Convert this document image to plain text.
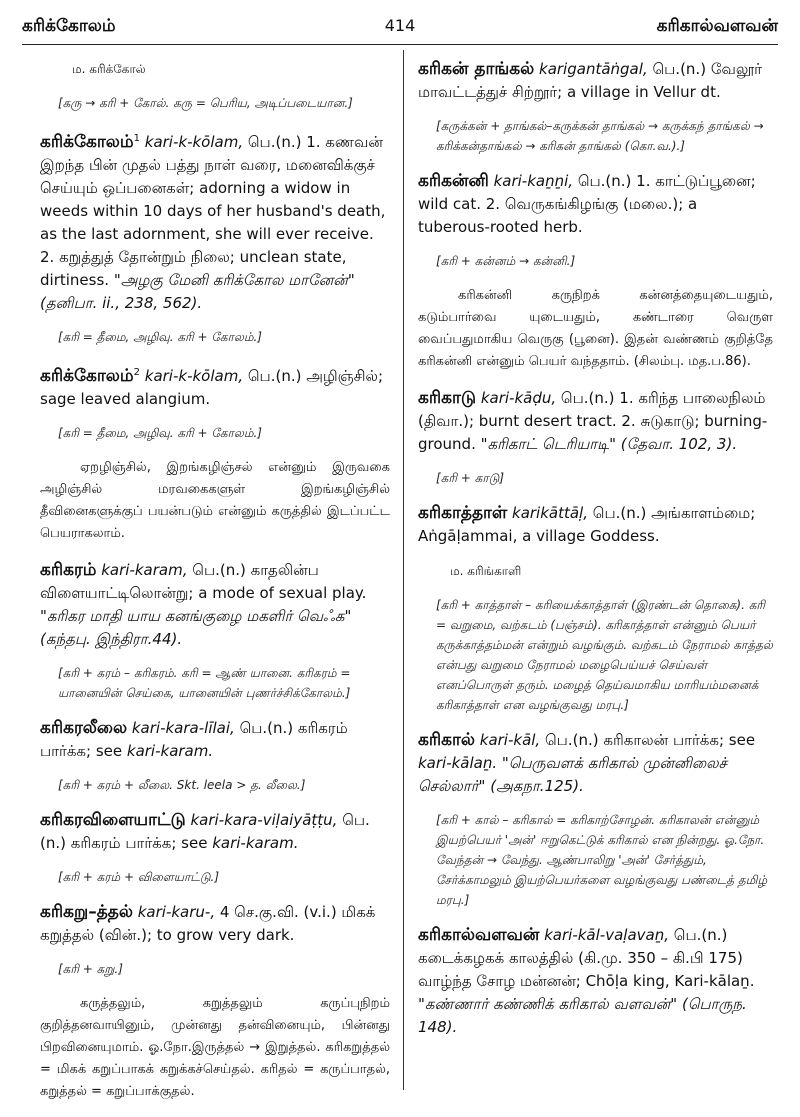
கரிக்கோலம்	414	கரிகால்வளவன்
ம. கரிக்கோல்
[கரு → கரி + கோல். கரு = பெரிய, அடிப்படையான.]
கரிக்கோலம்$^1$ kari-k-kōlam, பெ.(n.) 1. கணவன் இறந்த பின் முதல் பத்து நாள் வரை, மனைவிக்குச் செய்யும் ஒப்பனைகள்; adorning a widow in weeds within 10 days of her husband's death, as the last adornment, she will ever receive. 2. கறுத்துத் தோன்றும் நிலை; unclean state, dirtiness. "அழகு மேனி கரிக்கோல மானேன்" (தனிபா. ii., 238, 562).
[கரி = தீமை, அழிவு. கரி + கோலம்.]
கரிக்கோலம்$^2$ kari-k-kōlam, பெ.(n.) அழிஞ்சில்; sage leaved alangium.
[கரி = தீமை, அழிவு. கரி + கோலம்.]
ஏறழிஞ்சில், இறங்கழிஞ்சல் என்னும் இருவகை அழிஞ்சில் மரவகைகளுள் இறங்கழிஞ்சில் தீவினைகளுக்குப் பயன்படும் என்னும் கருத்தில் இடப்பட்ட பெயராகலாம்.
கரிகரம் kari-karam, பெ.(n.) காதலின்ப விளையாட்டிலொன்று; a mode of sexual play. "கரிகர மாதி யாய கனங்குழை மகளிர் வெஃக" (கந்தபு. இந்திரா.44).
[கரி + கரம் – கரிகரம். கரி = ஆண் யானை. கரிகரம் = யானையின் செய்கை, யானையின் புணர்ச்சிக்கோலம்.]
கரிகரலீலை kari-kara-līlai, பெ.(n.) கரிகரம் பார்க்க; see kari-karam.
[கரி + கரம் + லீலை. Skt. leela > த. லீலை.]
கரிகரவிளையாட்டு kari-kara-viḷaiyāṭṭu, பெ.(n.) கரிகரம் பார்க்க; see kari-karam.
[கரி + கரம் + விளையாட்டு.]
கரிகறு–த்தல் kari-karu-, 4 செ.கு.வி. (v.i.) மிகக் கறுத்தல் (வின்.); to grow very dark.
[கரி + கறு.]
கருத்தலும், கறுத்தலும் கருப்புநிறம் குறித்தனவாயினும், முன்னது தன்வினையும், பின்னது பிறவினையுமாம். ஓ.நோ.இருத்தல் → இறுத்தல். கரிகறுத்தல் = மிகக் கறுப்பாகக் கறுக்கச்செய்தல். கரிதல் = கருப்பாதல், கறுத்தல் = கறுப்பாக்குதல்.
கரிகன் தாங்கல் karigantāṅgal, பெ.(n.) வேலூர் மாவட்டத்துச் சிற்றூர்; a village in Vellur dt.
[கருக்கன் + தாங்கல்–கருக்கன் தாங்கல் → கருக்கந் தாங்கல் → கரிக்கன்தாங்கல் → கரிகன் தாங்கல் (கொ.வ.).]
கரிகன்னி kari-kaṉṉi, பெ.(n.) 1. காட்டுப்பூனை; wild cat. 2. வெருகங்கிழங்கு (மலை.); a tuberous-rooted herb.
[கரி + கன்னம் → கன்னி.]
கரிகன்னி கருநிறக் கன்னத்தையுடையதும், கடும்பார்வை யுடையதும், கண்டாரை வெருள வைப்பதுமாகிய வெருகு (பூனை). இதன் வண்ணம் குறித்தே கரிகன்னி என்னும் பெயர் வந்ததாம். (சிலம்பு. மத.ப.86).
கரிகாடு kari-kāḍu, பெ.(n.) 1. கரிந்த பாலைநிலம் (திவா.); burnt desert tract. 2. சுடுகாடு; burning-ground. "கரிகாட் டெரியாடி" (தேவா. 102, 3).
[கரி + காடு]
கரிகாத்தாள் karikāttāḷ, பெ.(n.) அங்காளம்மை; Aṅgāḷammai, a village Goddess.
ம. கரிங்காளி
[கரி + காத்தாள் – கரியைக்காத்தாள் (இரண்டன் தொகை). கரி = வறுமை, வற்கடம் (பஞ்சம்). கரிகாத்தாள் என்னும் பெயர் கருக்காத்தம்மன் என்றும் வழங்கும். வற்கடம் நேராமல் காத்தல் என்பது வறுமை நேராமல் மழைபெய்யச் செய்வள் எனப்பொருள் தரும். மழைத் தெய்வமாகிய மாரியம்மனைக் கரிகாத்தாள் என வழங்குவது மரபு.]
கரிகால் kari-kāl, பெ.(n.) கரிகாலன் பார்க்க; see kari-kālaṉ. "பெருவளக் கரிகால் முன்னிலைச் செல்லார்" (அகநா.125).
[கரி + கால் – கரிகால் = கரிகாற்சோழன். கரிகாலன் என்னும் இயற்பெயர் 'அன்' ஈறுகெட்டுக் கரிகால் என நின்றது. ஓ.நோ. வேந்தன் → வேந்து. ஆண்பாலிறு 'அன்' சேர்த்தும், சேர்க்காமலும் இயற்பெயர்களை வழங்குவது பண்டைத் தமிழ் மரபு.]
கரிகால்வளவன் kari-kāl-vaḷavaṉ, பெ.(n.) கடைக்கழகக் காலத்தில் (கி.மு. 350 – கி.பி 175) வாழ்ந்த சோழ மன்னன்; Chōḷa king, Kari-kālaṉ. "கண்ணார் கண்ணிக் கரிகால் வளவன்" (பொருந. 148).
